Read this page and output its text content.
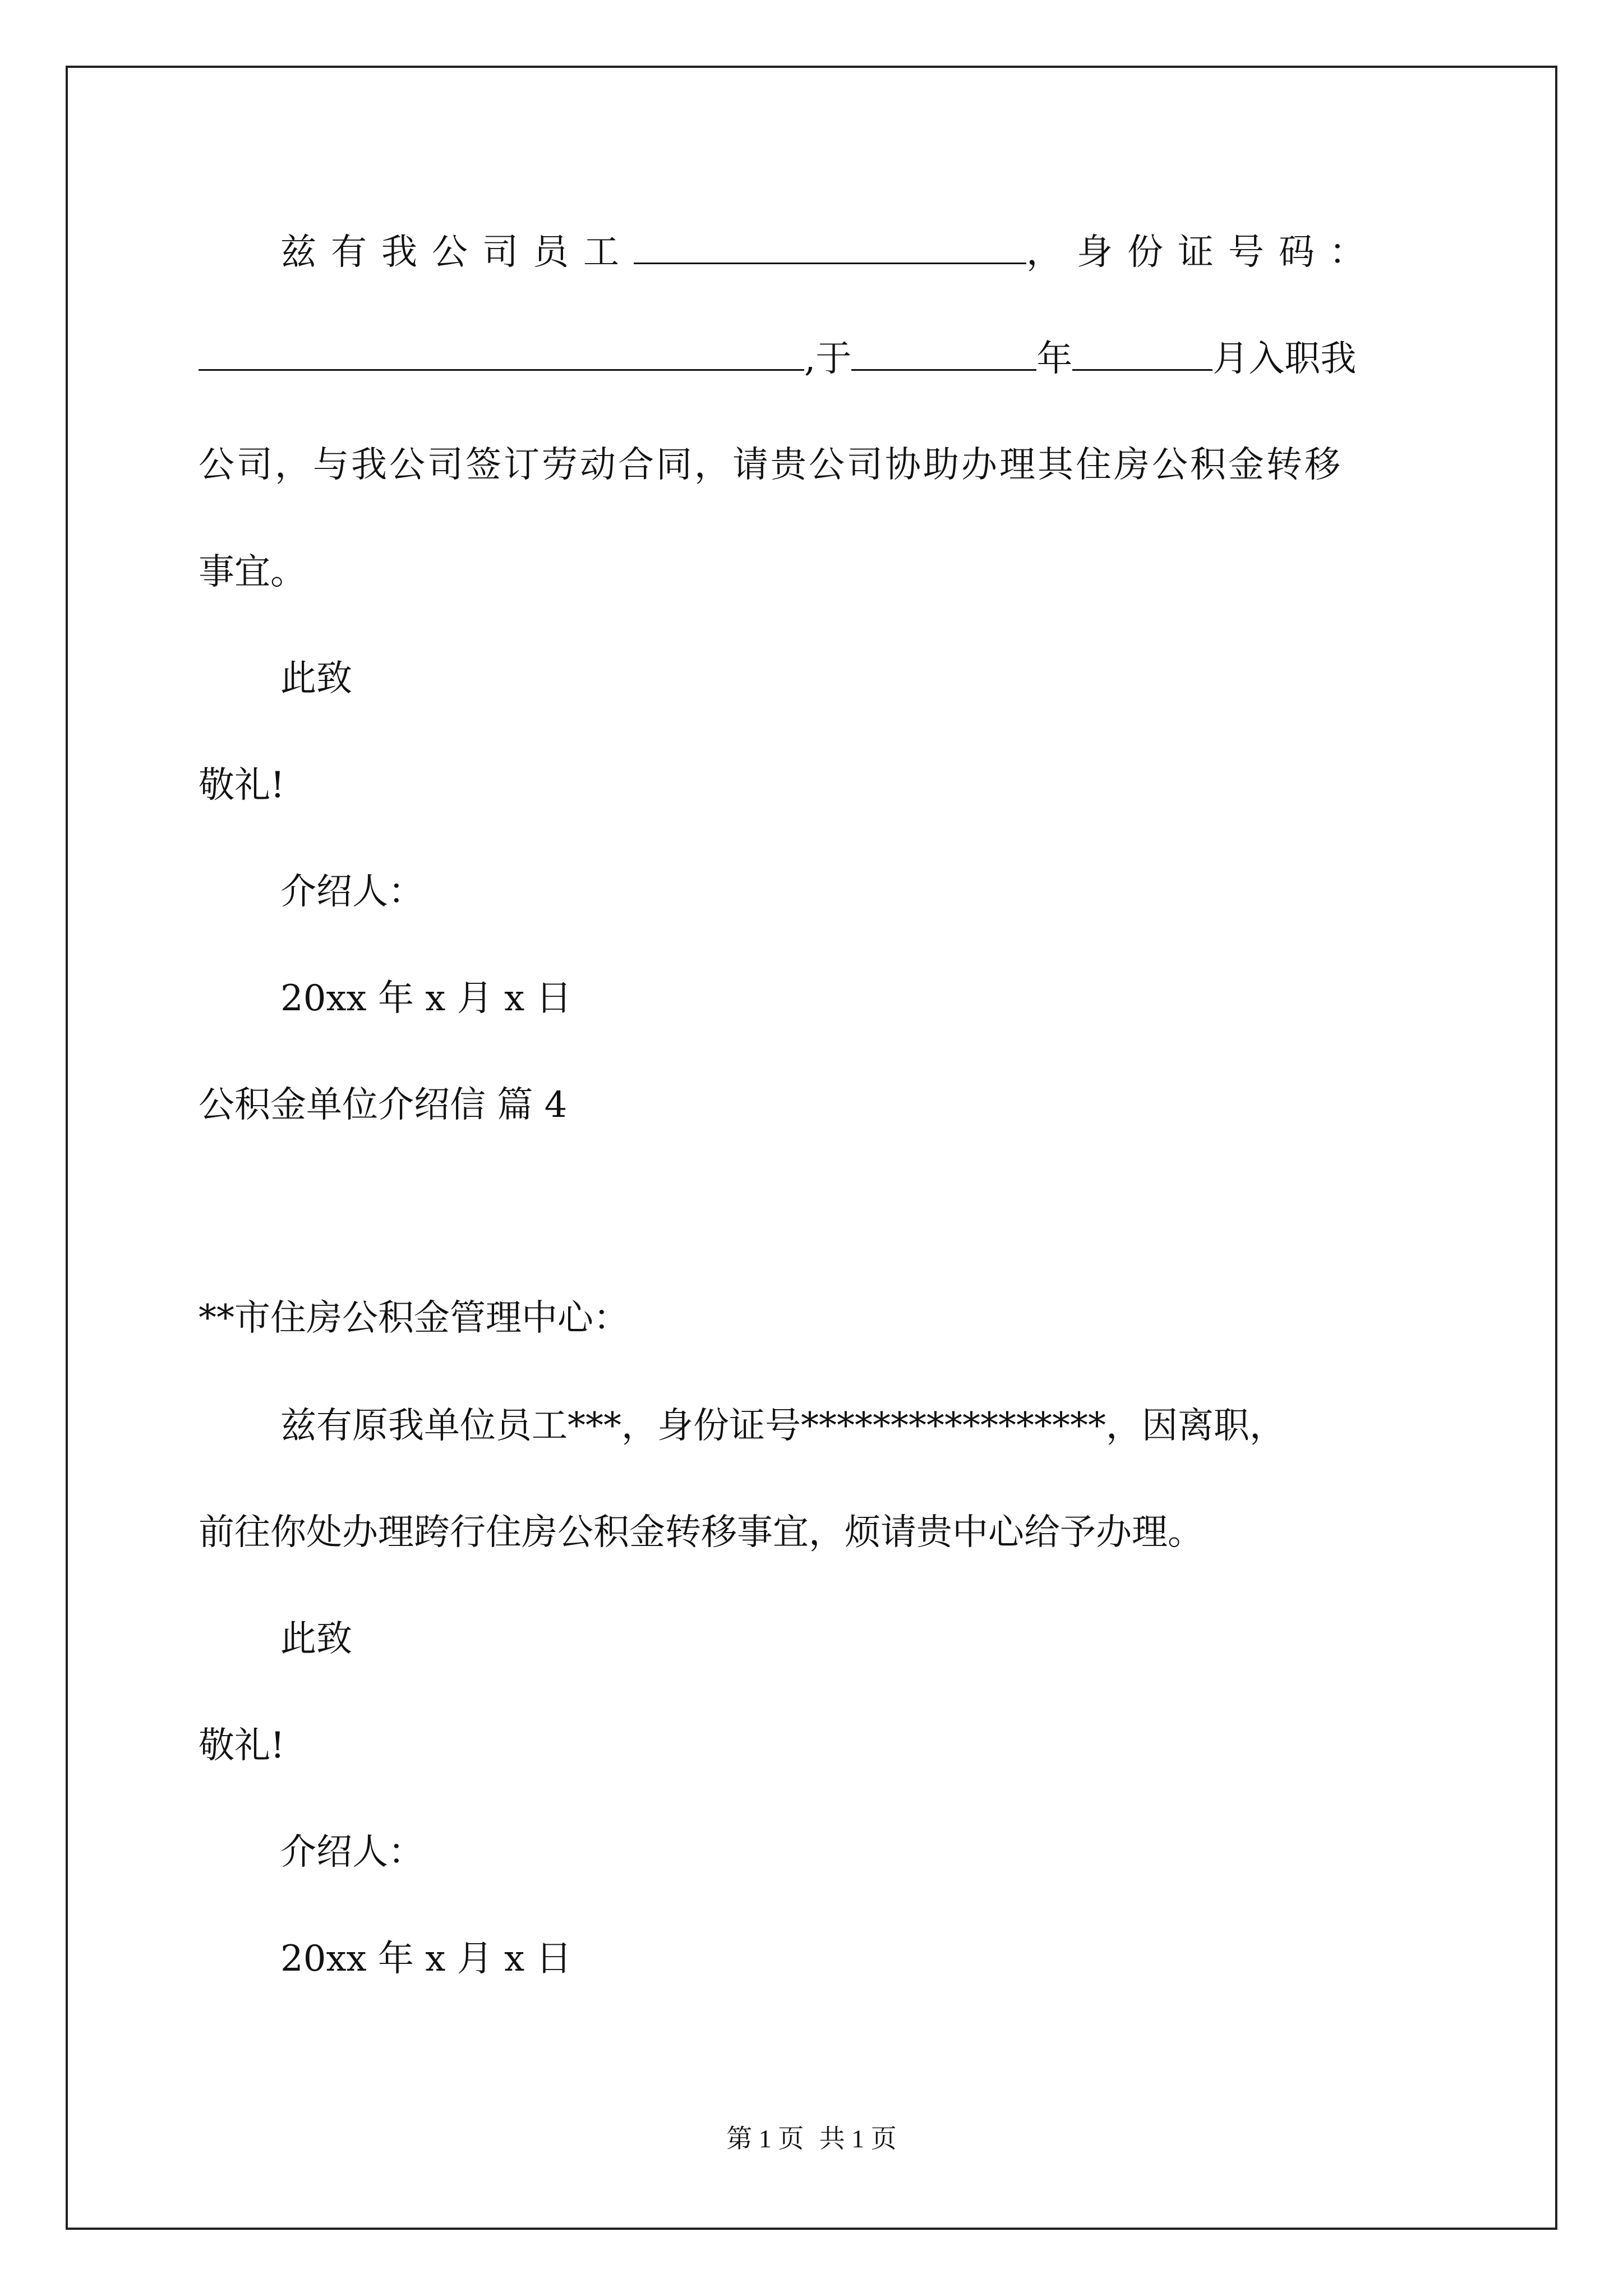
兹有我公司员工	，身份证号码：
,于	年	月入职我
公司，与我公司签订劳动合同，请贵公司协助办理其住房公积金转移
事宜。
此致
敬礼!
介绍人：
20xx 年 x 月 x 日
公积金单位介绍信 篇 4
**市住房公积金管理中心：
兹有原我单位员工***，身份证号*****************，因离职，
前往你处办理跨行住房公积金转移事宜，烦请贵中心给予办理。
此致
敬礼!
介绍人：
20xx 年 x 月 x 日
第 1 页 共 1 页
